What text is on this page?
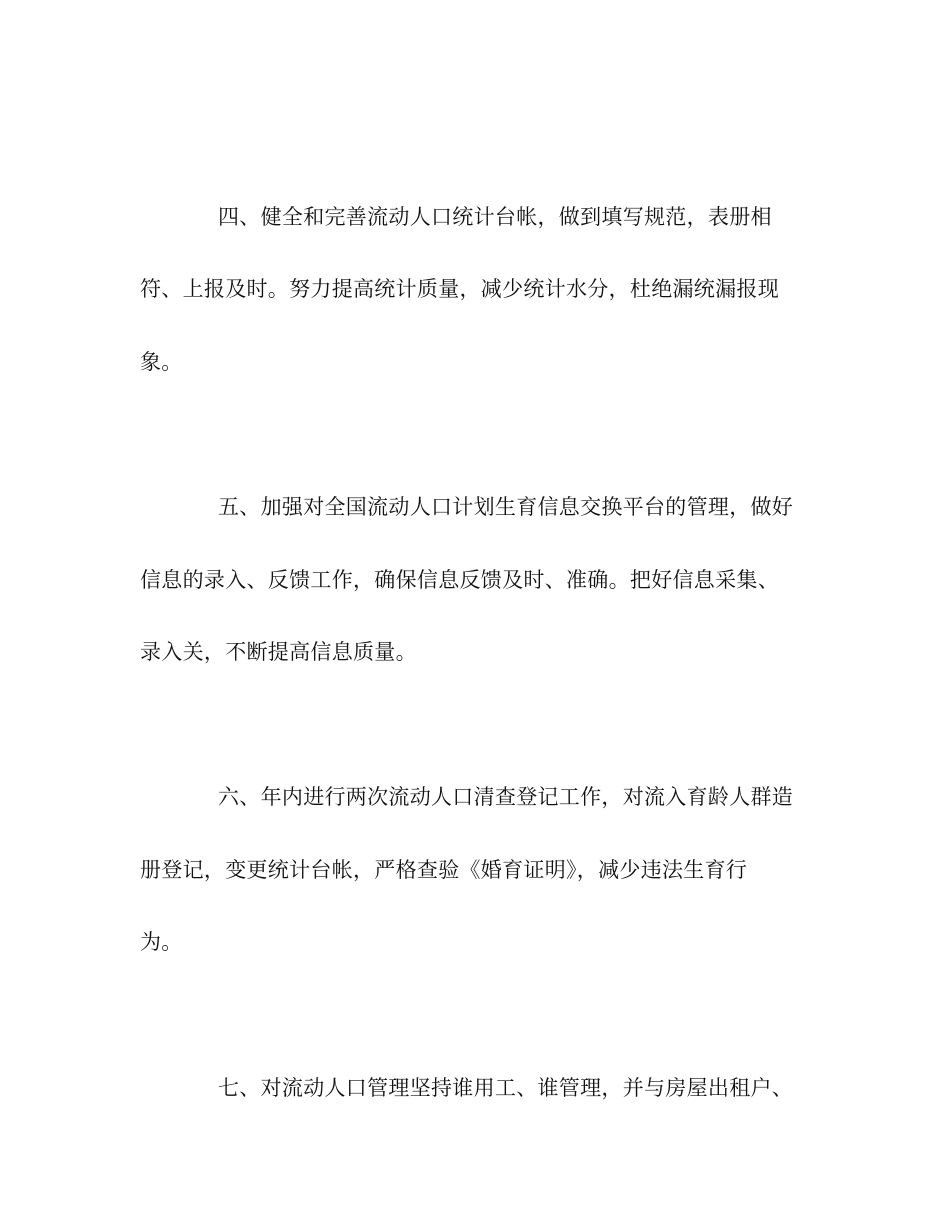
四、健全和完善流动人口统计台帐，做到填写规范，表册相
符、上报及时。努力提高统计质量，减少统计水分，杜绝漏统漏报现
象。
五、加强对全国流动人口计划生育信息交换平台的管理，做好
信息的录入、反馈工作，确保信息反馈及时、准确。把好信息采集、
录入关，不断提高信息质量。
六、年内进行两次流动人口清查登记工作，对流入育龄人群造
册登记，变更统计台帐，严格查验《婚育证明》，减少违法生育行
为。
七、对流动人口管理坚持谁用工、谁管理，并与房屋出租户、
